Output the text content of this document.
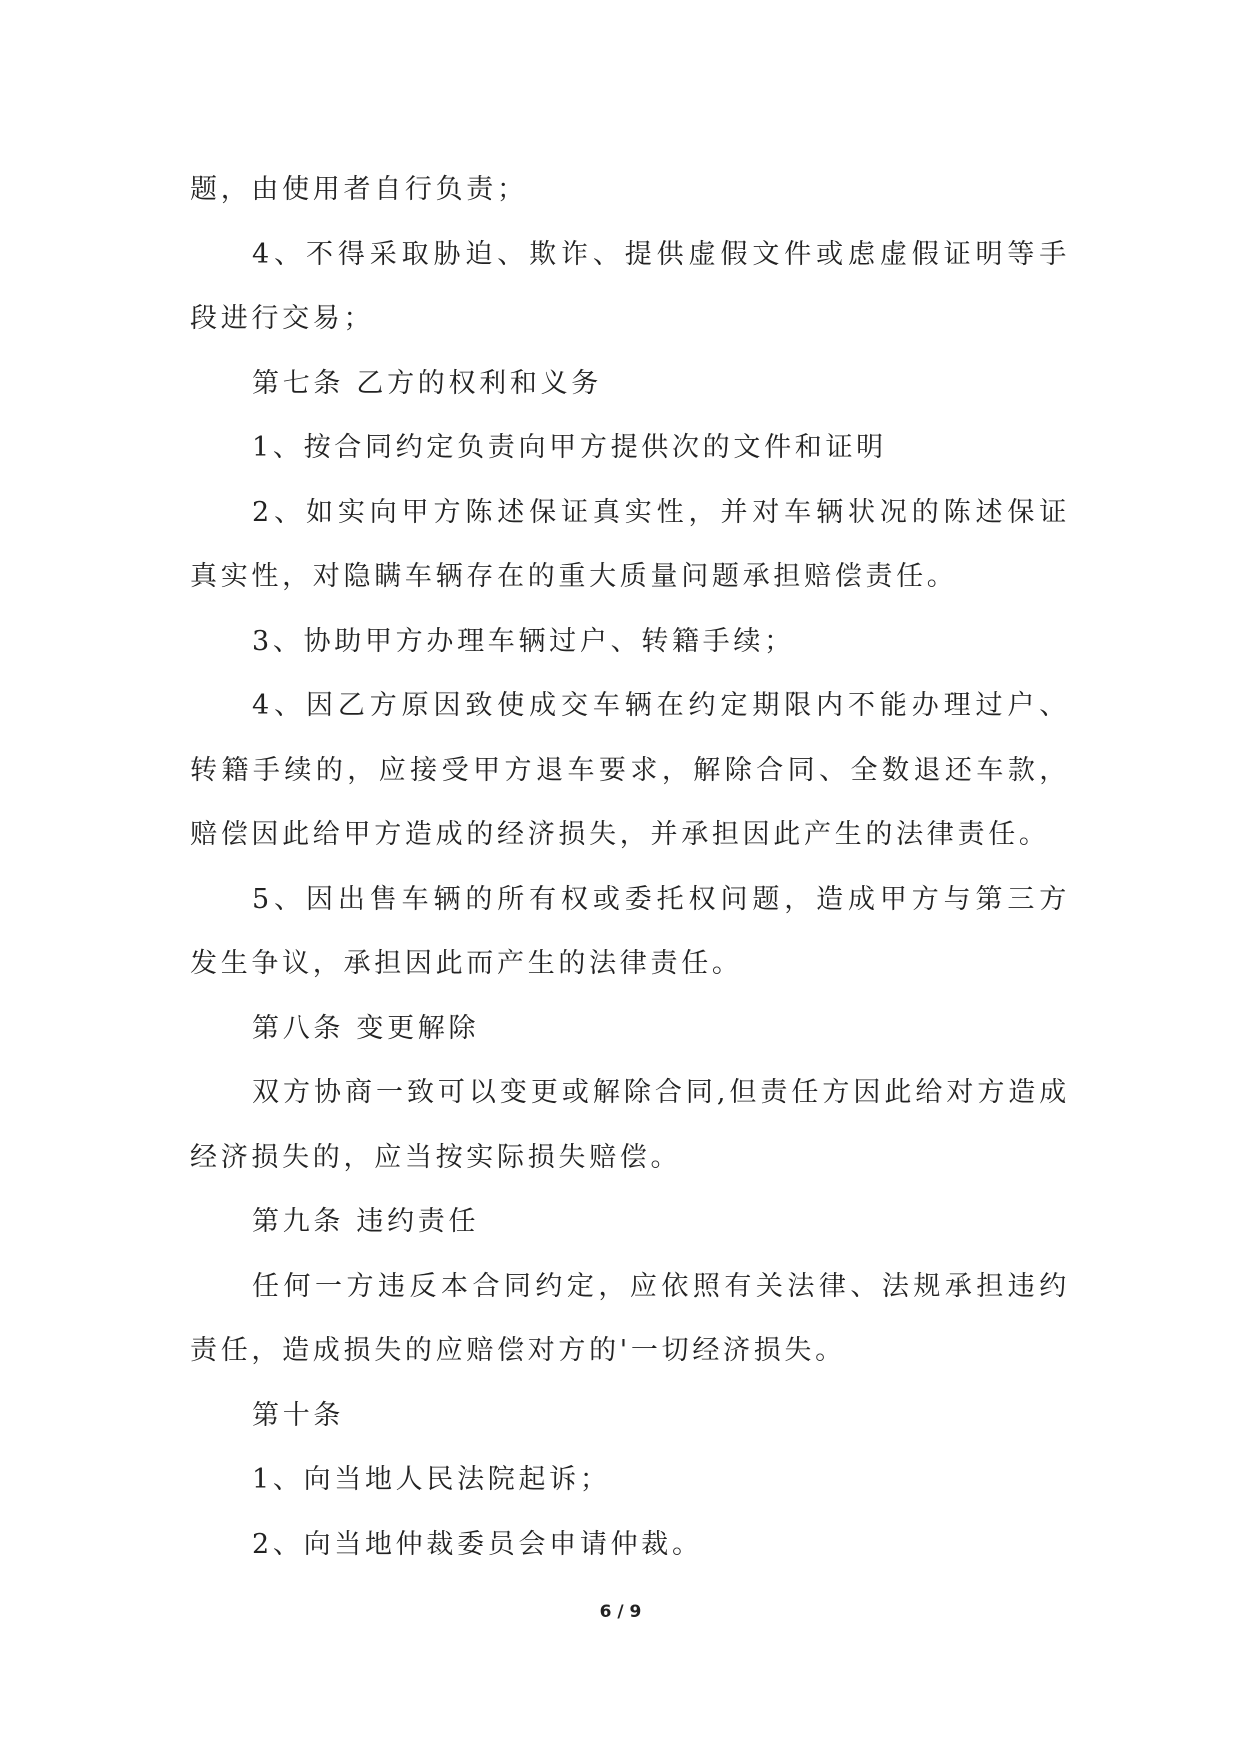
题，由使用者自行负责；

4、不得采取胁迫、欺诈、提供虚假文件或虑虚假证明等手段进行交易；

第七条 乙方的权利和义务

1、按合同约定负责向甲方提供次的文件和证明

2、如实向甲方陈述保证真实性，并对车辆状况的陈述保证真实性，对隐瞒车辆存在的重大质量问题承担赔偿责任。

3、协助甲方办理车辆过户、转籍手续；

4、因乙方原因致使成交车辆在约定期限内不能办理过户、转籍手续的，应接受甲方退车要求，解除合同、全数退还车款，赔偿因此给甲方造成的经济损失，并承担因此产生的法律责任。

5、因出售车辆的所有权或委托权问题，造成甲方与第三方发生争议，承担因此而产生的法律责任。

第八条 变更解除

双方协商一致可以变更或解除合同,但责任方因此给对方造成经济损失的，应当按实际损失赔偿。

第九条 违约责任

任何一方违反本合同约定，应依照有关法律、法规承担违约责任，造成损失的应赔偿对方的'一切经济损失。

第十条

1、向当地人民法院起诉；

2、向当地仲裁委员会申请仲裁。

6 / 9
